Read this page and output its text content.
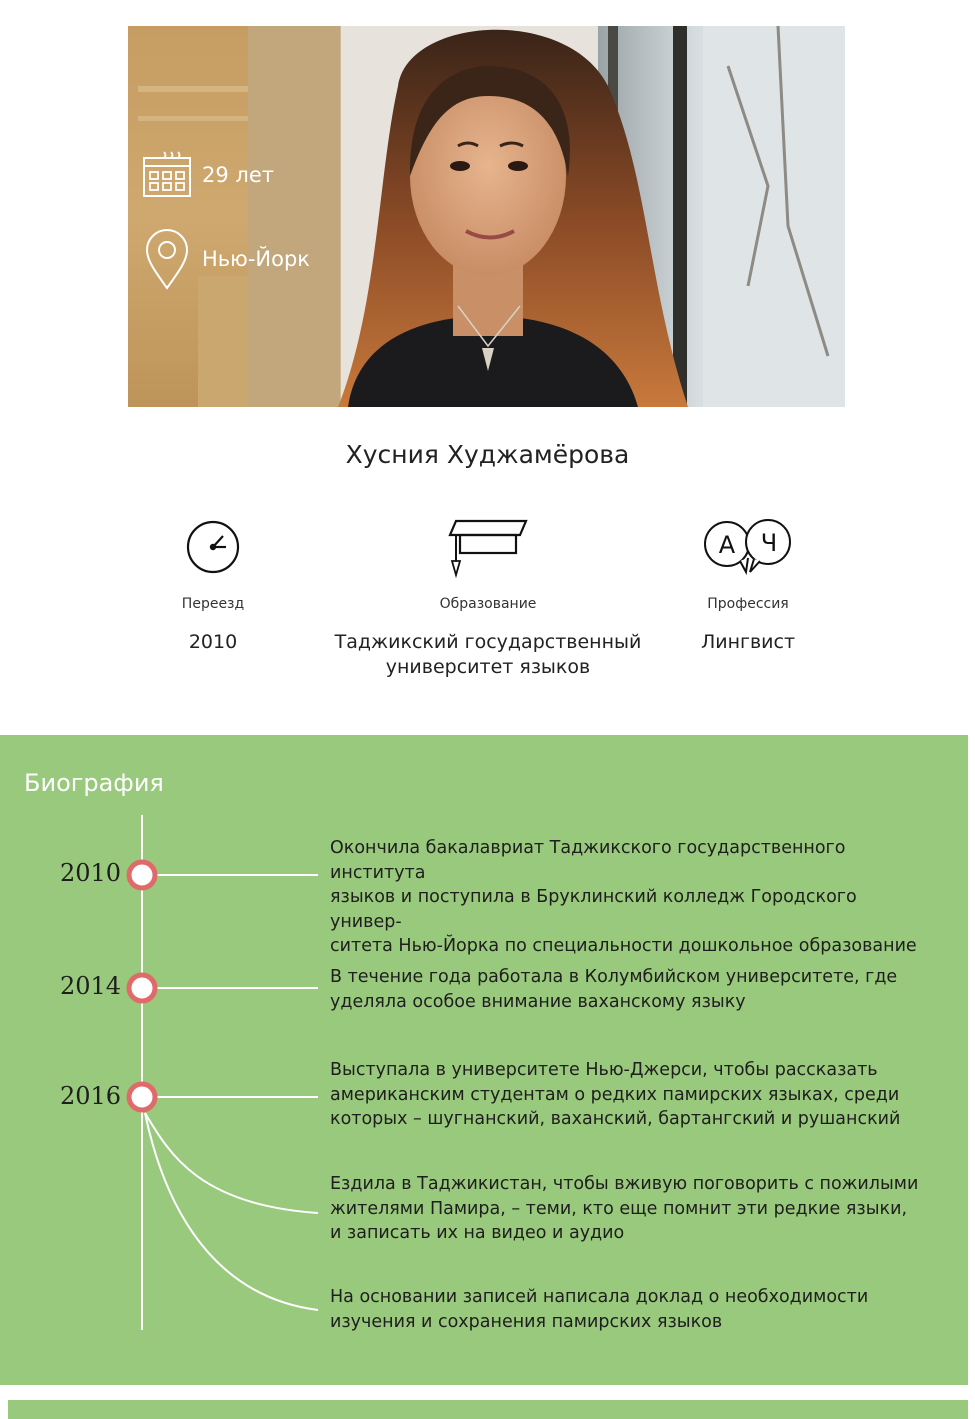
29 лет
Нью-Йорк
Хусния Худжамёрова
Переезд
2010
Образование
Таджикский государственный
университет языков
А Ч
Профессия
Лингвист
Биография
2010
2014
2016
Окончила бакалавриат Таджикского государственного института
языков и поступила в Бруклинский колледж Городского универ-
ситета Нью-Йорка по специальности дошкольное образование
В течение года работала в Колумбийском университете, где
уделяла особое внимание ваханскому языку
Выступала в университете Нью-Джерси, чтобы рассказать
американским студентам о редких памирских языках, среди
которых – шугнанский, ваханский, бартангский и рушанский
Ездила в Таджикистан, чтобы вживую поговорить с пожилыми
жителями Памира, – теми, кто еще помнит эти редкие языки,
и записать их на видео и аудио
На основании записей написала доклад о необходимости
изучения и сохранения памирских языков
